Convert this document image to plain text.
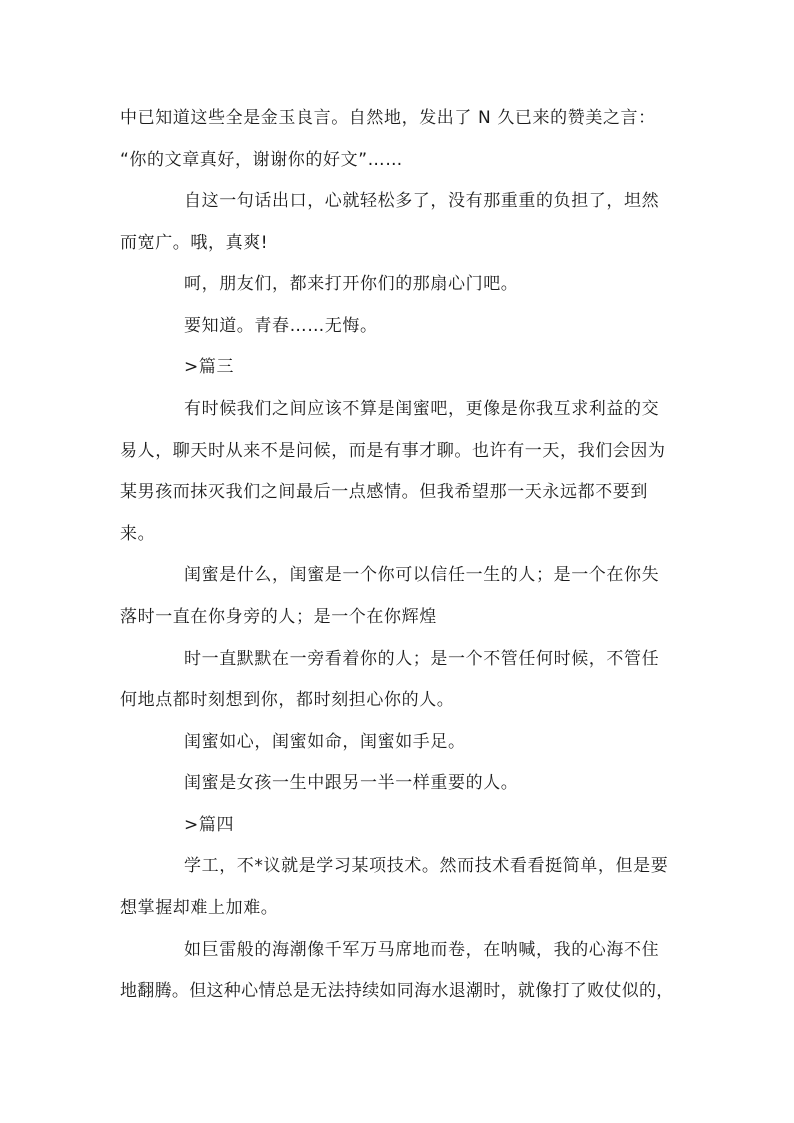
中已知道这些全是金玉良言。自然地，发出了 N 久已来的赞美之言：
“你的文章真好，谢谢你的好文”……
自这一句话出口，心就轻松多了，没有那重重的负担了，坦然
而宽广。哦，真爽!
呵，朋友们，都来打开你们的那扇心门吧。
要知道。青春……无悔。
>篇三
有时候我们之间应该不算是闺蜜吧，更像是你我互求利益的交
易人，聊天时从来不是问候，而是有事才聊。也许有一天，我们会因为
某男孩而抹灭我们之间最后一点感情。但我希望那一天永远都不要到
来。
闺蜜是什么，闺蜜是一个你可以信任一生的人；是一个在你失
落时一直在你身旁的人；是一个在你辉煌
时一直默默在一旁看着你的人；是一个不管任何时候，不管任
何地点都时刻想到你，都时刻担心你的人。
闺蜜如心，闺蜜如命，闺蜜如手足。
闺蜜是女孩一生中跟另一半一样重要的人。
>篇四
学工，不*议就是学习某项技术。然而技术看看挺简单，但是要
想掌握却难上加难。
如巨雷般的海潮像千军万马席地而卷，在呐喊，我的心海不住
地翻腾。但这种心情总是无法持续如同海水退潮时，就像打了败仗似的，
